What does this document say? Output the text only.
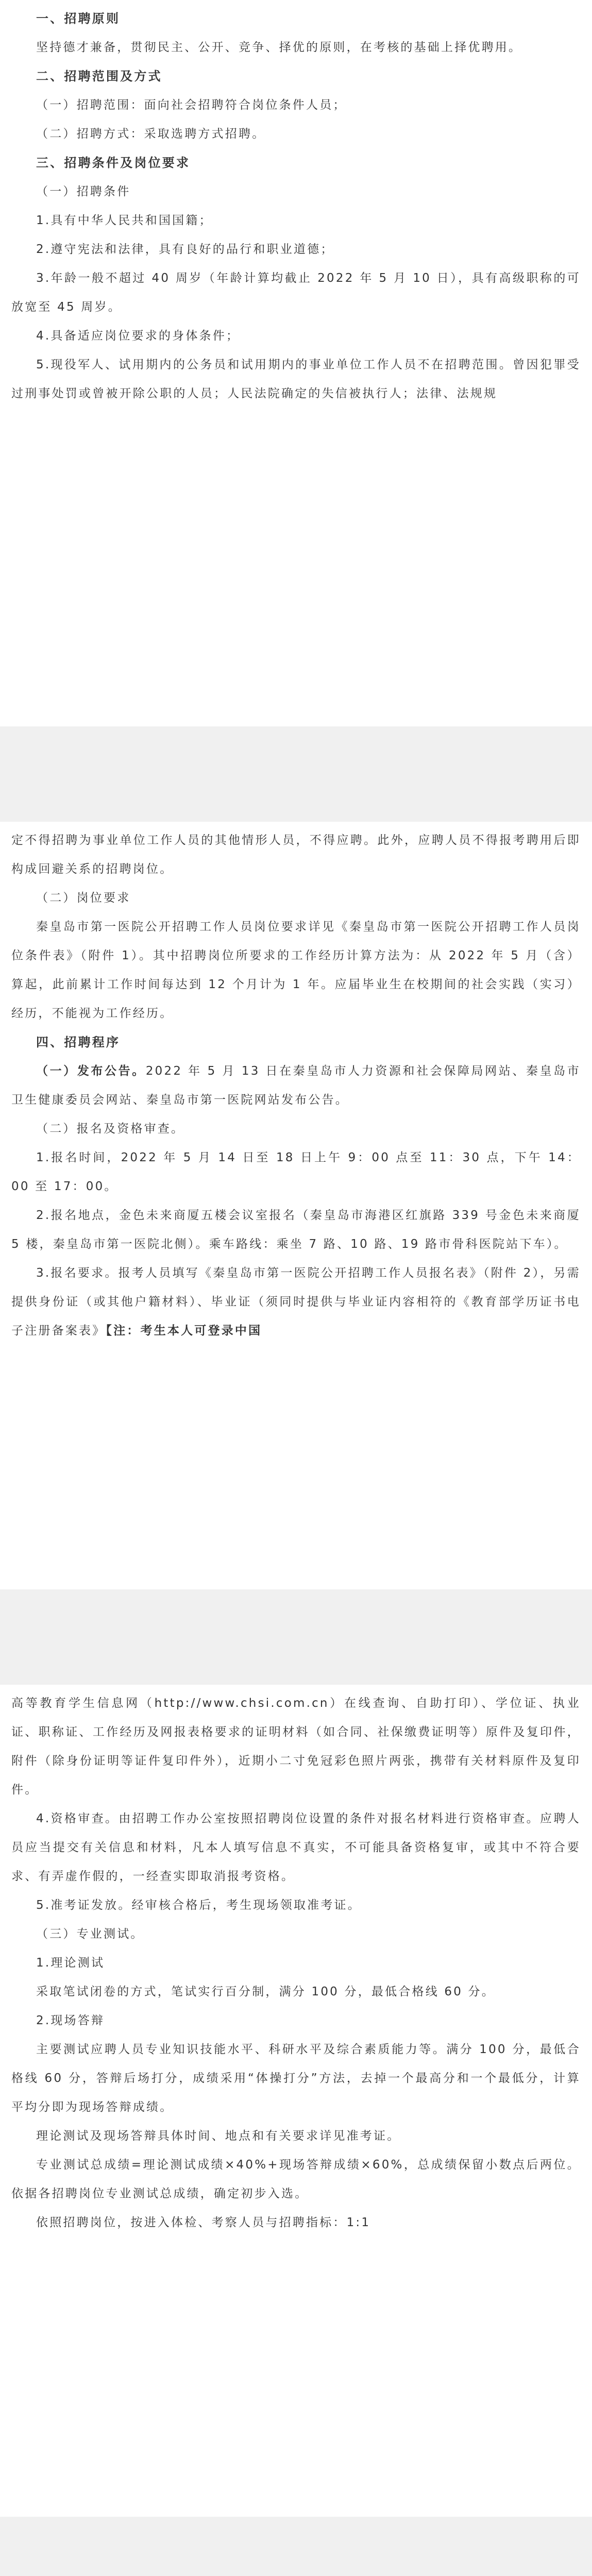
一、招聘原则

坚持德才兼备，贯彻民主、公开、竞争、择优的原则，在考核的基础上择优聘用。

二、招聘范围及方式

（一）招聘范围：面向社会招聘符合岗位条件人员；

（二）招聘方式：采取选聘方式招聘。

三、招聘条件及岗位要求

（一）招聘条件

1.具有中华人民共和国国籍；

2.遵守宪法和法律，具有良好的品行和职业道德；

3.年龄一般不超过 40 周岁（年龄计算均截止 2022 年 5 月 10 日），具有高级职称的可放宽至 45 周岁。

4.具备适应岗位要求的身体条件；

5.现役军人、试用期内的公务员和试用期内的事业单位工作人员不在招聘范围。曾因犯罪受过刑事处罚或曾被开除公职的人员；人民法院确定的失信被执行人；法律、法规规

定不得招聘为事业单位工作人员的其他情形人员，不得应聘。此外，应聘人员不得报考聘用后即构成回避关系的招聘岗位。

（二）岗位要求

秦皇岛市第一医院公开招聘工作人员岗位要求详见《秦皇岛市第一医院公开招聘工作人员岗位条件表》（附件 1）。其中招聘岗位所要求的工作经历计算方法为：从 2022 年 5 月（含）算起，此前累计工作时间每达到 12 个月计为 1 年。应届毕业生在校期间的社会实践（实习）经历，不能视为工作经历。

四、招聘程序

（一）发布公告。2022 年 5 月 13 日在秦皇岛市人力资源和社会保障局网站、秦皇岛市卫生健康委员会网站、秦皇岛市第一医院网站发布公告。

（二）报名及资格审查。

1.报名时间，2022 年 5 月 14 日至 18 日上午 9：00 点至 11：30 点，下午 14：00 至 17：00。

2.报名地点，金色未来商厦五楼会议室报名（秦皇岛市海港区红旗路 339 号金色未来商厦 5 楼，秦皇岛市第一医院北侧）。乘车路线：乘坐 7 路、10 路、19 路市骨科医院站下车）。

3.报名要求。报考人员填写《秦皇岛市第一医院公开招聘工作人员报名表》（附件 2），另需提供身份证（或其他户籍材料）、毕业证（须同时提供与毕业证内容相符的《教育部学历证书电子注册备案表》【注：考生本人可登录中国

高等教育学生信息网（http://www.chsi.com.cn）在线查询、自助打印）、学位证、执业证、职称证、工作经历及网报表格要求的证明材料（如合同、社保缴费证明等）原件及复印件，附件（除身份证明等证件复印件外），近期小二寸免冠彩色照片两张，携带有关材料原件及复印件。

4.资格审查。由招聘工作办公室按照招聘岗位设置的条件对报名材料进行资格审查。应聘人员应当提交有关信息和材料，凡本人填写信息不真实，不可能具备资格复审，或其中不符合要求、有弄虚作假的，一经查实即取消报考资格。

5.准考证发放。经审核合格后，考生现场领取准考证。

（三）专业测试。

1.理论测试

采取笔试闭卷的方式，笔试实行百分制，满分 100 分，最低合格线 60 分。

2.现场答辩

主要测试应聘人员专业知识技能水平、科研水平及综合素质能力等。满分 100 分，最低合格线 60 分，答辩后场打分，成绩采用“体操打分”方法，去掉一个最高分和一个最低分，计算平均分即为现场答辩成绩。

理论测试及现场答辩具体时间、地点和有关要求详见准考证。

专业测试总成绩=理论测试成绩×40%+现场答辩成绩×60%，总成绩保留小数点后两位。依据各招聘岗位专业测试总成绩，确定初步入选。

依照招聘岗位，按进入体检、考察人员与招聘指标：1:1
